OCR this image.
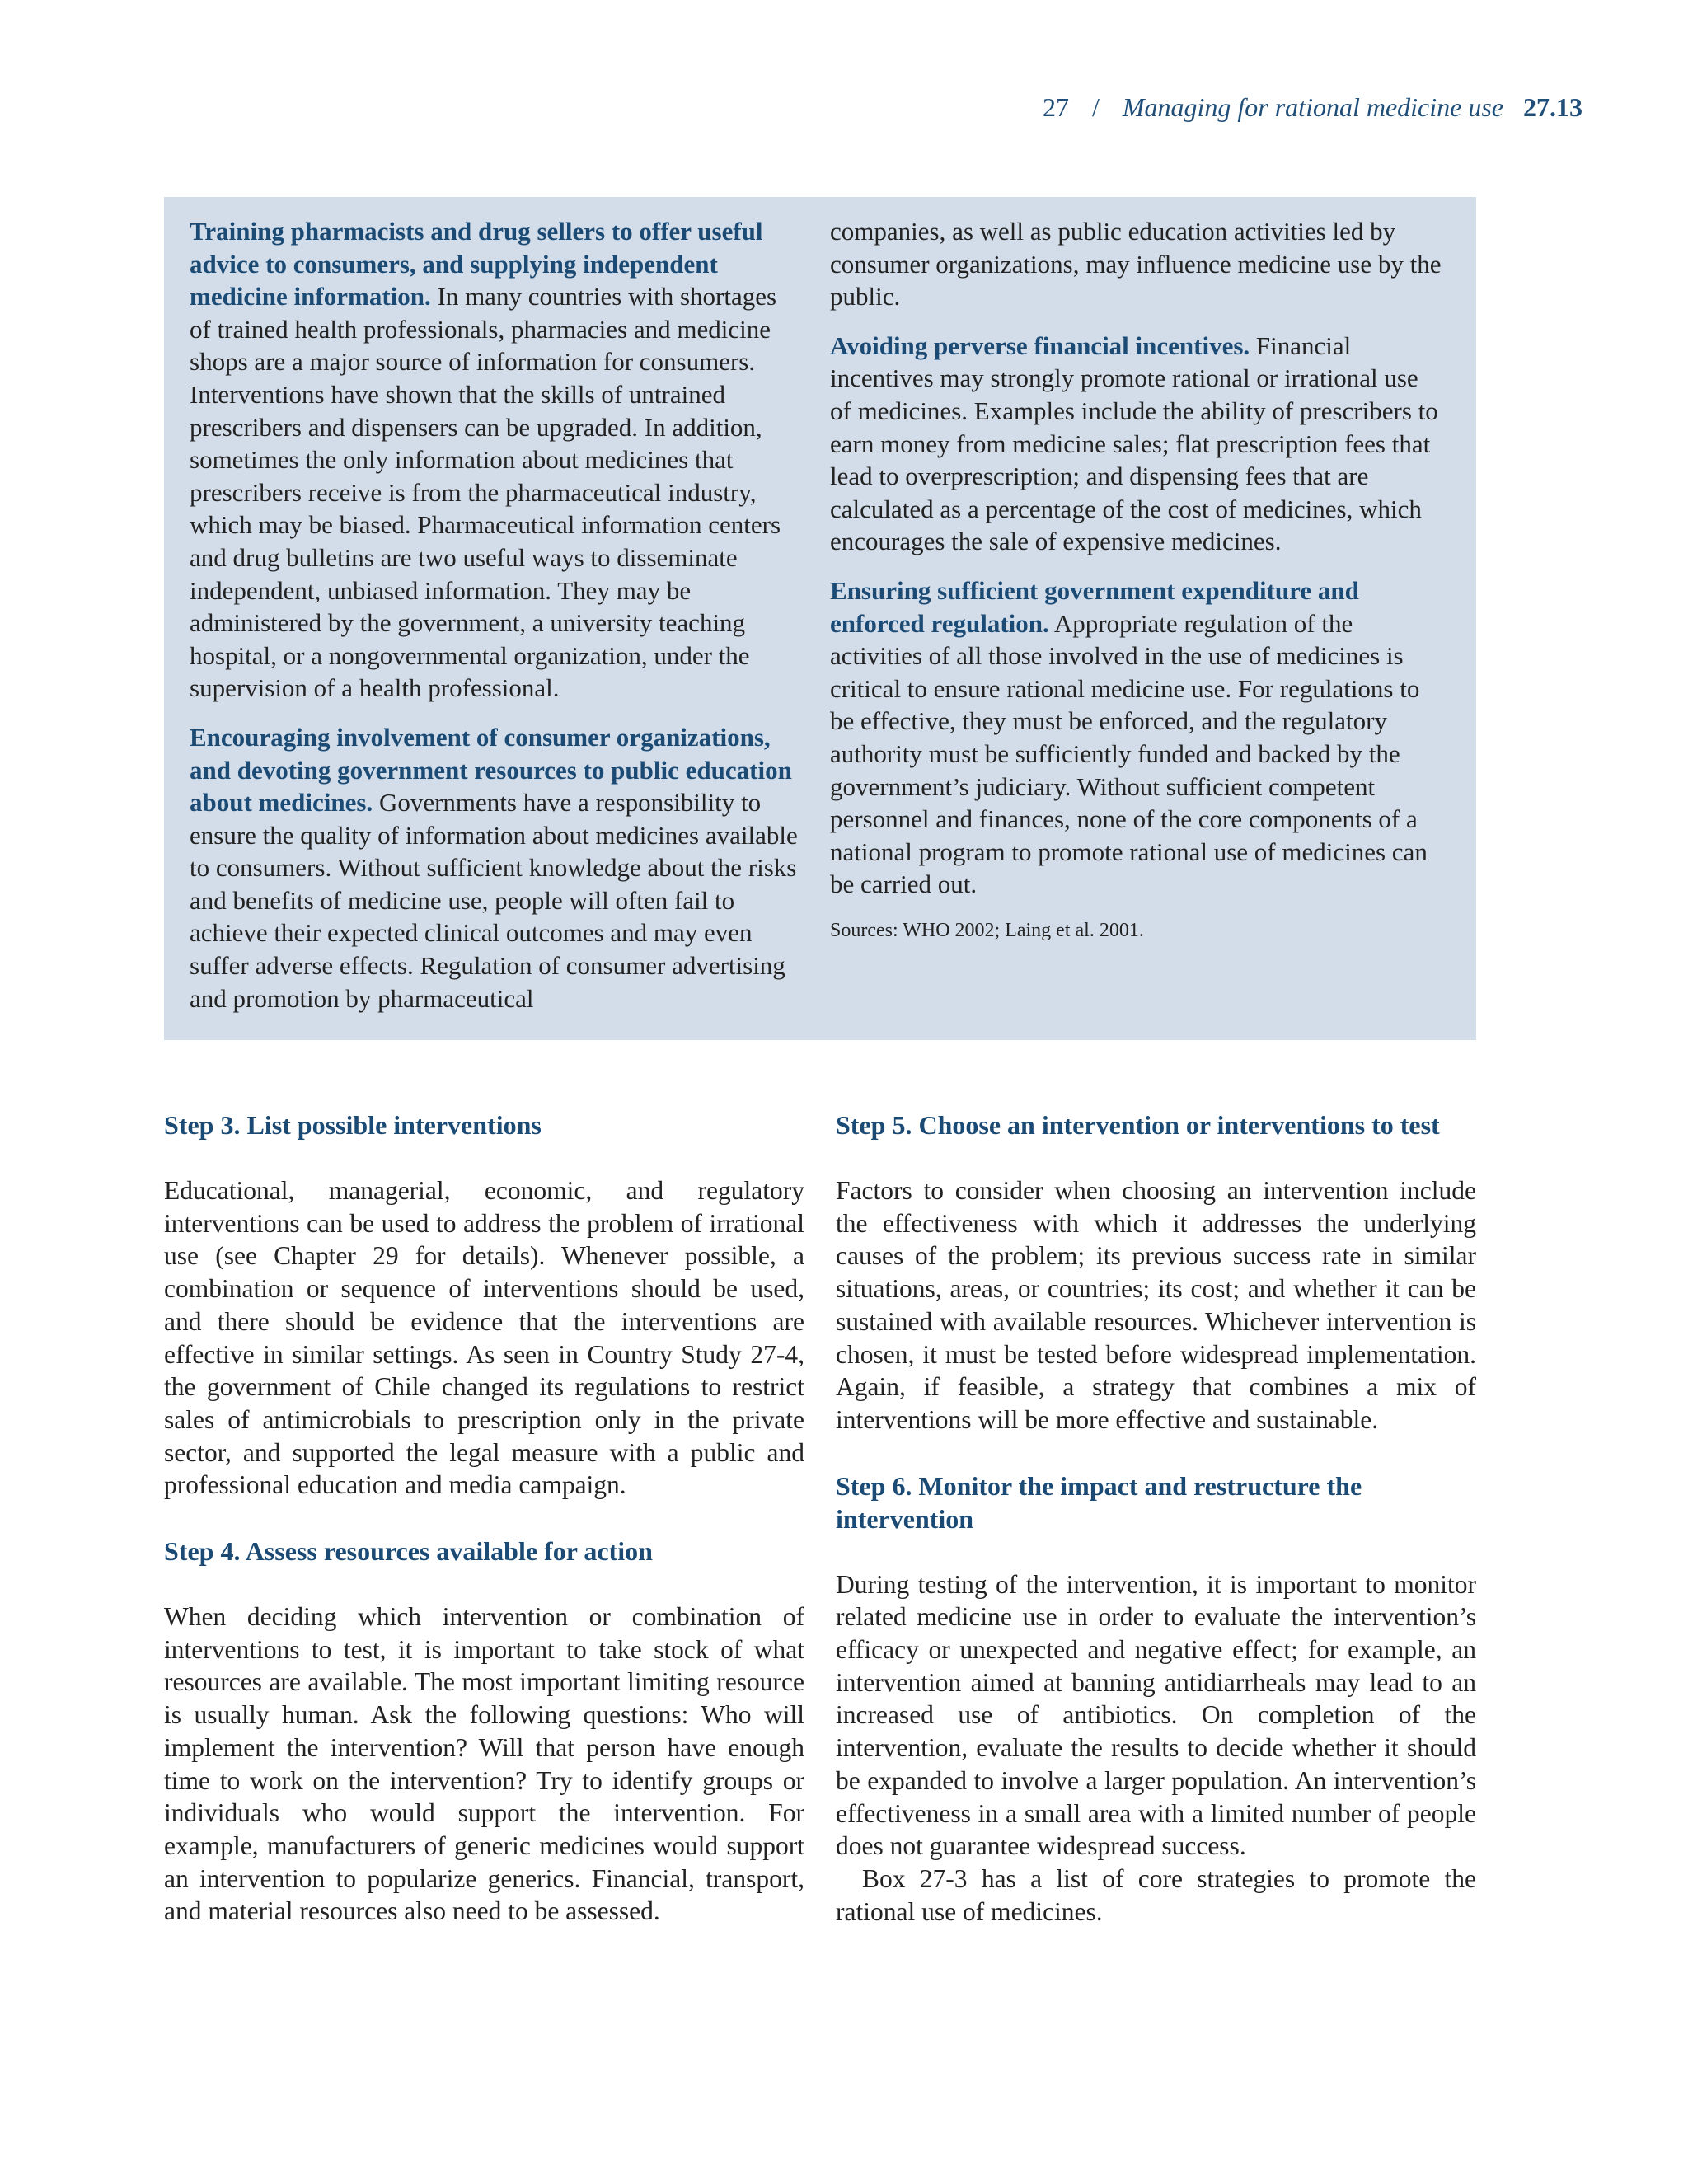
27 / Managing for rational medicine use 27.13

Training pharmacists and drug sellers to offer useful advice to consumers, and supplying independent medicine information. In many countries with shortages of trained health professionals, pharmacies and medicine shops are a major source of information for consumers. Interventions have shown that the skills of untrained prescribers and dispensers can be upgraded. In addition, sometimes the only information about medicines that prescribers receive is from the pharmaceutical industry, which may be biased. Pharmaceutical information centers and drug bulletins are two useful ways to disseminate independent, unbiased information. They may be administered by the government, a university teaching hospital, or a nongovernmental organization, under the supervision of a health professional.

Encouraging involvement of consumer organizations, and devoting government resources to public education about medicines. Governments have a responsibility to ensure the quality of information about medicines available to consumers. Without sufficient knowledge about the risks and benefits of medicine use, people will often fail to achieve their expected clinical outcomes and may even suffer adverse effects. Regulation of consumer advertising and promotion by pharmaceutical

companies, as well as public education activities led by consumer organizations, may influence medicine use by the public.

Avoiding perverse financial incentives. Financial incentives may strongly promote rational or irrational use of medicines. Examples include the ability of prescribers to earn money from medicine sales; flat prescription fees that lead to overprescription; and dispensing fees that are calculated as a percentage of the cost of medicines, which encourages the sale of expensive medicines.

Ensuring sufficient government expenditure and enforced regulation. Appropriate regulation of the activities of all those involved in the use of medicines is critical to ensure rational medicine use. For regulations to be effective, they must be enforced, and the regulatory authority must be sufficiently funded and backed by the government’s judiciary. Without sufficient competent personnel and finances, none of the core components of a national program to promote rational use of medicines can be carried out.

Sources: WHO 2002; Laing et al. 2001.

Step 3. List possible interventions

Educational, managerial, economic, and regulatory interventions can be used to address the problem of irrational use (see Chapter 29 for details). Whenever possible, a combination or sequence of interventions should be used, and there should be evidence that the interventions are effective in similar settings. As seen in Country Study 27-4, the government of Chile changed its regulations to restrict sales of antimicrobials to prescription only in the private sector, and supported the legal measure with a public and professional education and media campaign.

Step 4. Assess resources available for action

When deciding which intervention or combination of interventions to test, it is important to take stock of what resources are available. The most important limiting resource is usually human. Ask the following questions: Who will implement the intervention? Will that person have enough time to work on the intervention? Try to identify groups or individuals who would support the intervention. For example, manufacturers of generic medicines would support an intervention to popularize generics. Financial, transport, and material resources also need to be assessed.

Step 5. Choose an intervention or interventions to test

Factors to consider when choosing an intervention include the effectiveness with which it addresses the underlying causes of the problem; its previous success rate in similar situations, areas, or countries; its cost; and whether it can be sustained with available resources. Whichever intervention is chosen, it must be tested before widespread implementation. Again, if feasible, a strategy that combines a mix of interventions will be more effective and sustainable.

Step 6. Monitor the impact and restructure the intervention

During testing of the intervention, it is important to monitor related medicine use in order to evaluate the intervention’s efficacy or unexpected and negative effect; for example, an intervention aimed at banning antidiarrheals may lead to an increased use of antibiotics. On completion of the intervention, evaluate the results to decide whether it should be expanded to involve a larger population. An intervention’s effectiveness in a small area with a limited number of people does not guarantee widespread success.

Box 27-3 has a list of core strategies to promote the rational use of medicines.
